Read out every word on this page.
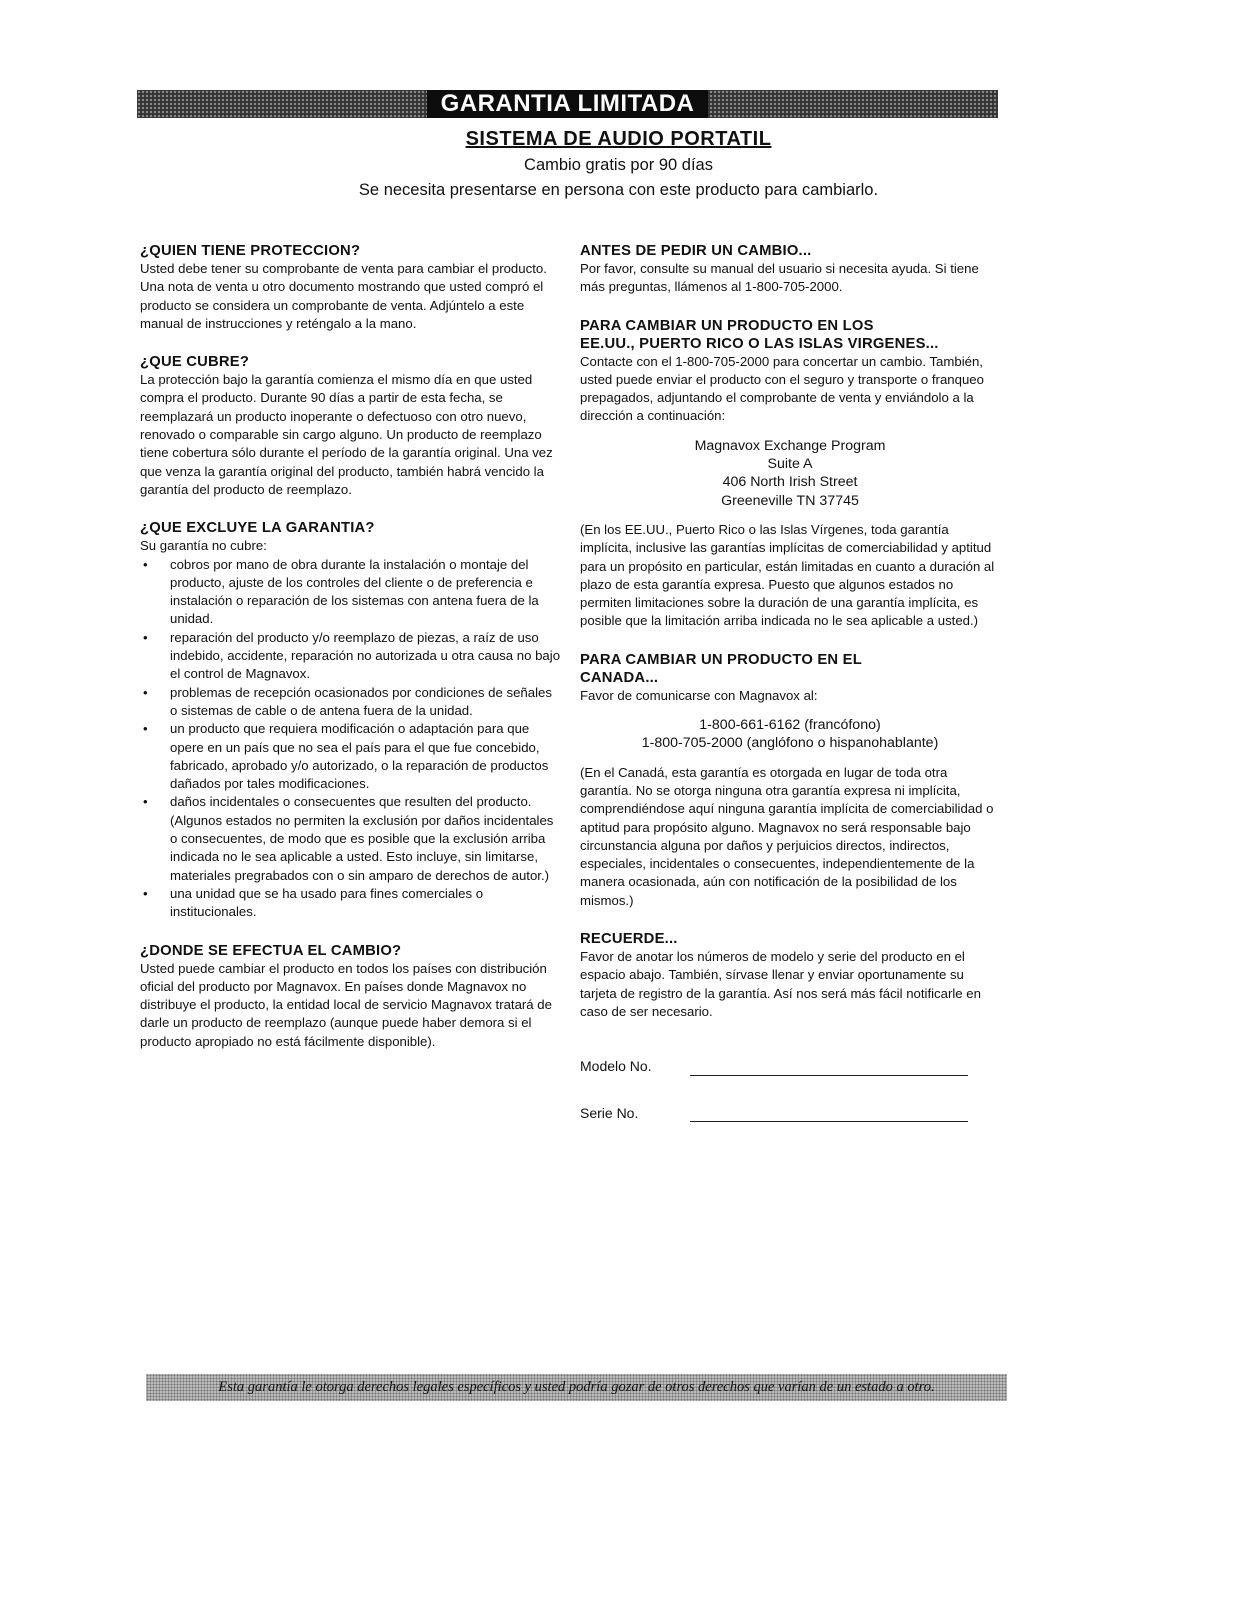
GARANTIA LIMITADA
SISTEMA DE AUDIO PORTATIL
Cambio gratis por 90 días
Se necesita presentarse en persona con este producto para cambiarlo.
¿QUIEN TIENE PROTECCION?

Usted debe tener su comprobante de venta para cambiar el producto. Una nota de venta u otro documento mostrando que usted compró el producto se considera un comprobante de venta. Adjúntelo a este manual de instrucciones y reténgalo a la mano.

¿QUE CUBRE?

La protección bajo la garantía comienza el mismo día en que usted compra el producto. Durante 90 días a partir de esta fecha, se reemplazará un producto inoperante o defectuoso con otro nuevo, renovado o comparable sin cargo alguno. Un producto de reemplazo tiene cobertura sólo durante el período de la garantía original. Una vez que venza la garantía original del producto, también habrá vencido la garantía del producto de reemplazo.

¿QUE EXCLUYE LA GARANTIA?

Su garantía no cubre:

• cobros por mano de obra durante la instalación o montaje del producto, ajuste de los controles del cliente o de preferencia e instalación o reparación de los sistemas con antena fuera de la unidad.
• reparación del producto y/o reemplazo de piezas, a raíz de uso indebido, accidente, reparación no autorizada u otra causa no bajo el control de Magnavox.
• problemas de recepción ocasionados por condiciones de señales o sistemas de cable o de antena fuera de la unidad.
• un producto que requiera modificación o adaptación para que opere en un país que no sea el país para el que fue concebido, fabricado, aprobado y/o autorizado, o la reparación de productos dañados por tales modificaciones.
• daños incidentales o consecuentes que resulten del producto. (Algunos estados no permiten la exclusión por daños incidentales o consecuentes, de modo que es posible que la exclusión arriba indicada no le sea aplicable a usted. Esto incluye, sin limitarse, materiales pregrabados con o sin amparo de derechos de autor.)
• una unidad que se ha usado para fines comerciales o institucionales.
¿DONDE SE EFECTUA EL CAMBIO?

Usted puede cambiar el producto en todos los países con distribución oficial del producto por Magnavox. En países donde Magnavox no distribuye el producto, la entidad local de servicio Magnavox tratará de darle un producto de reemplazo (aunque puede haber demora si el producto apropiado no está fácilmente disponible).

ANTES DE PEDIR UN CAMBIO...

Por favor, consulte su manual del usuario si necesita ayuda. Si tiene más preguntas, llámenos al 1-800-705-2000.

PARA CAMBIAR UN PRODUCTO EN LOS
EE.UU., PUERTO RICO O LAS ISLAS VIRGENES...

Contacte con el 1-800-705-2000 para concertar un cambio. También, usted puede enviar el producto con el seguro y transporte o franqueo prepagados, adjuntando el comprobante de venta y enviándolo a la dirección a continuación:

Magnavox Exchange Program
Suite A
406 North Irish Street
Greeneville TN 37745

(En los EE.UU., Puerto Rico o las Islas Vírgenes, toda garantía implícita, inclusive las garantías implícitas de comerciabilidad y aptitud para un propósito en particular, están limitadas en cuanto a duración al plazo de esta garantía expresa. Puesto que algunos estados no permiten limitaciones sobre la duración de una garantía implícita, es posible que la limitación arriba indicada no le sea aplicable a usted.)

PARA CAMBIAR UN PRODUCTO EN EL
CANADA...

Favor de comunicarse con Magnavox al:

1-800-661-6162 (francófono)
1-800-705-2000 (anglófono o hispanohablante)

(En el Canadá, esta garantía es otorgada en lugar de toda otra garantía. No se otorga ninguna otra garantía expresa ni implícita, comprendiéndose aquí ninguna garantía implícita de comerciabilidad o aptitud para propósito alguno. Magnavox no será responsable bajo circunstancia alguna por daños y perjuicios directos, indirectos, especiales, incidentales o consecuentes, independientemente de la manera ocasionada, aún con notificación de la posibilidad de los mismos.)

RECUERDE...

Favor de anotar los números de modelo y serie del producto en el espacio abajo. También, sírvase llenar y enviar oportunamente su tarjeta de registro de la garantía. Así nos será más fácil notificarle en caso de ser necesario.

Modelo No.
Serie No.
Esta garantía le otorga derechos legales específicos y usted podría gozar de otros derechos que varían de un estado a otro.
